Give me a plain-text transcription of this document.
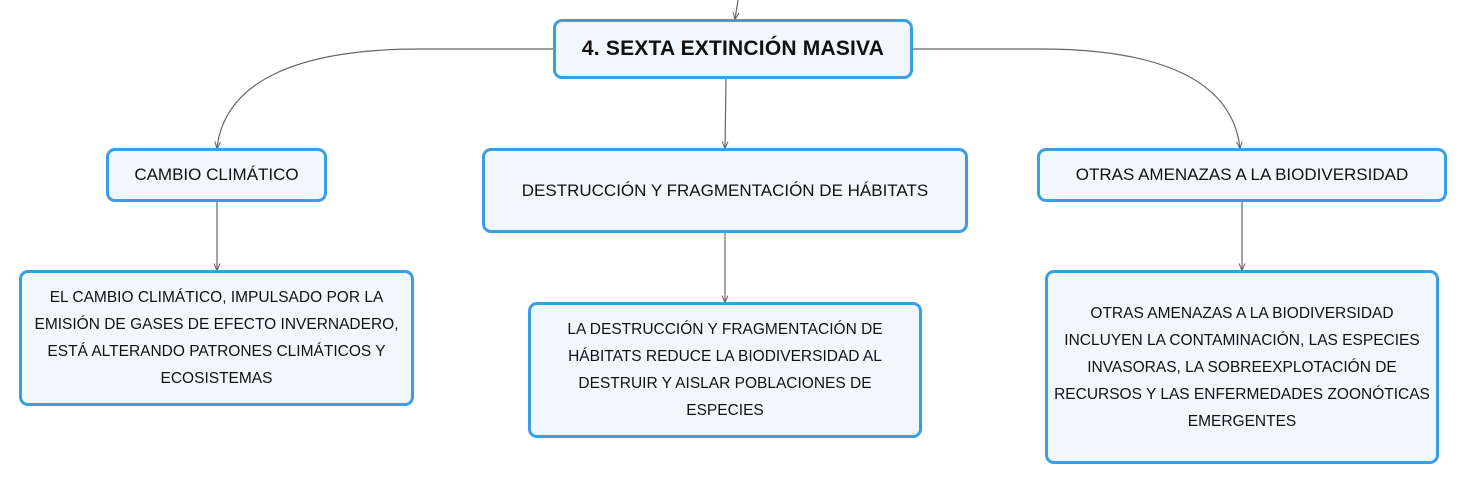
4. SEXTA EXTINCIÓN MASIVA
CAMBIO CLIMÁTICO
DESTRUCCIÓN Y FRAGMENTACIÓN DE HÁBITATS
OTRAS AMENAZAS A LA BIODIVERSIDAD
EL CAMBIO CLIMÁTICO, IMPULSADO POR LA EMISIÓN DE GASES DE EFECTO INVERNADERO, ESTÁ ALTERANDO PATRONES CLIMÁTICOS Y ECOSISTEMAS
LA DESTRUCCIÓN Y FRAGMENTACIÓN DE HÁBITATS REDUCE LA BIODIVERSIDAD AL DESTRUIR Y AISLAR POBLACIONES DE ESPECIES
OTRAS AMENAZAS A LA BIODIVERSIDAD INCLUYEN LA CONTAMINACIÓN, LAS ESPECIES INVASORAS, LA SOBREEXPLOTACIÓN DE RECURSOS Y LAS ENFERMEDADES ZOONÓTICAS EMERGENTES
